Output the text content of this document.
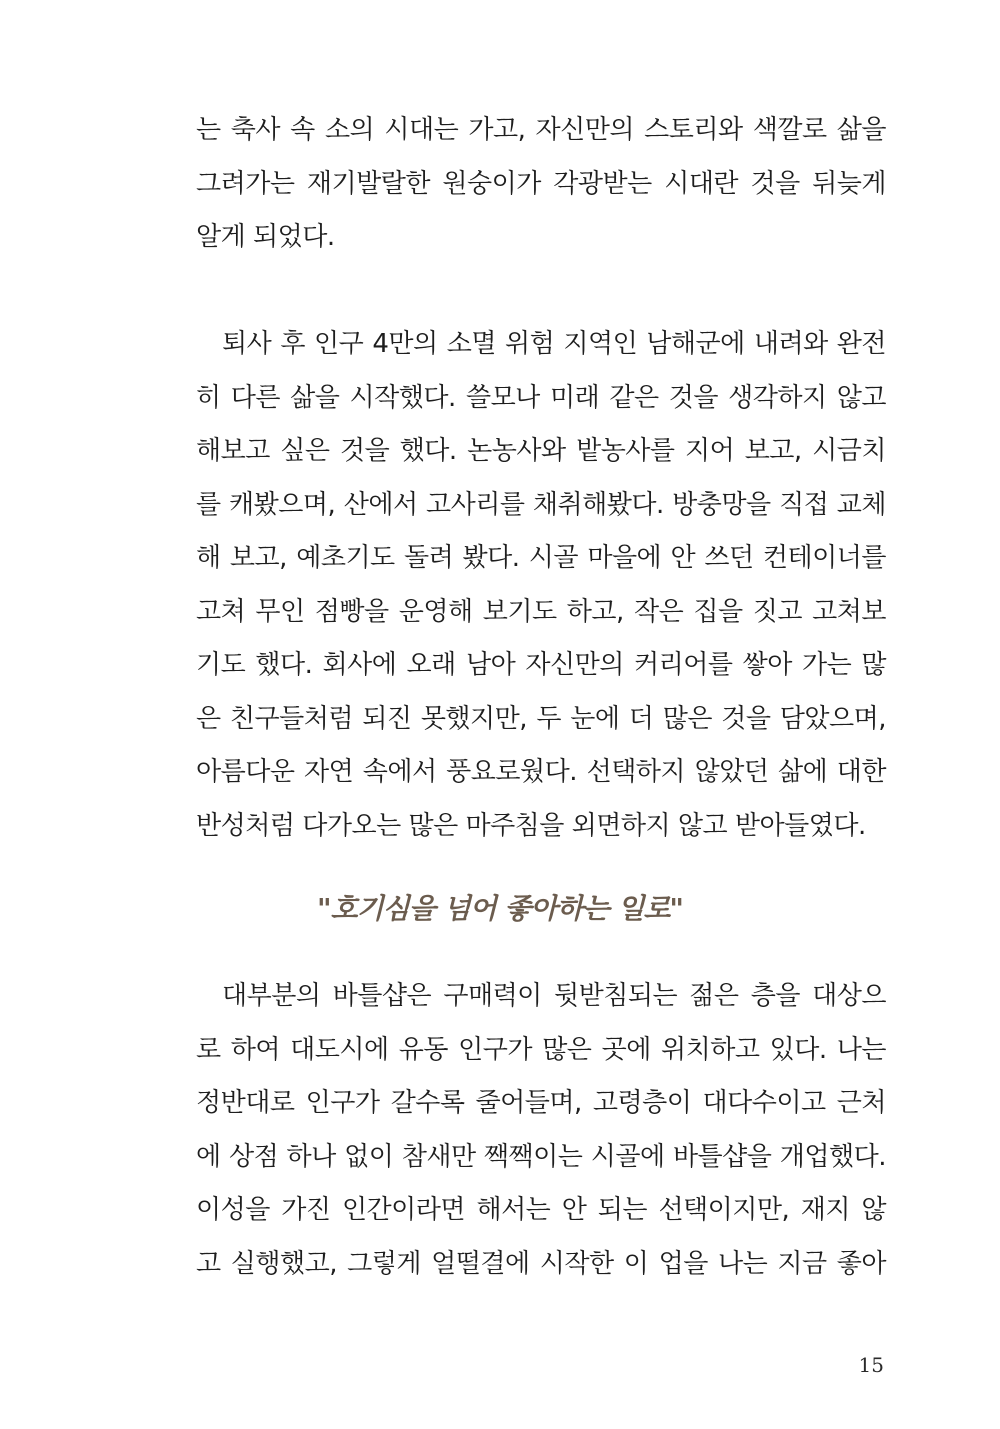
는 축사 속 소의 시대는 가고, 자신만의 스토리와 색깔로 삶을
그려가는 재기발랄한 원숭이가 각광받는 시대란 것을 뒤늦게
알게 되었다.
퇴사 후 인구 4만의 소멸 위험 지역인 남해군에 내려와 완전
히 다른 삶을 시작했다. 쓸모나 미래 같은 것을 생각하지 않고
해보고 싶은 것을 했다. 논농사와 밭농사를 지어 보고, 시금치
를 캐봤으며, 산에서 고사리를 채취해봤다. 방충망을 직접 교체
해 보고, 예초기도 돌려 봤다. 시골 마을에 안 쓰던 컨테이너를
고쳐 무인 점빵을 운영해 보기도 하고, 작은 집을 짓고 고쳐보
기도 했다. 회사에 오래 남아 자신만의 커리어를 쌓아 가는 많
은 친구들처럼 되진 못했지만, 두 눈에 더 많은 것을 담았으며,
아름다운 자연 속에서 풍요로웠다. 선택하지 않았던 삶에 대한
반성처럼 다가오는 많은 마주침을 외면하지 않고 받아들였다.
"호기심을 넘어 좋아하는 일로"
대부분의 바틀샵은 구매력이 뒷받침되는 젊은 층을 대상으
로 하여 대도시에 유동 인구가 많은 곳에 위치하고 있다. 나는
정반대로 인구가 갈수록 줄어들며, 고령층이 대다수이고 근처
에 상점 하나 없이 참새만 짹짹이는 시골에 바틀샵을 개업했다.
이성을 가진 인간이라면 해서는 안 되는 선택이지만, 재지 않
고 실행했고, 그렇게 얼떨결에 시작한 이 업을 나는 지금 좋아
15
